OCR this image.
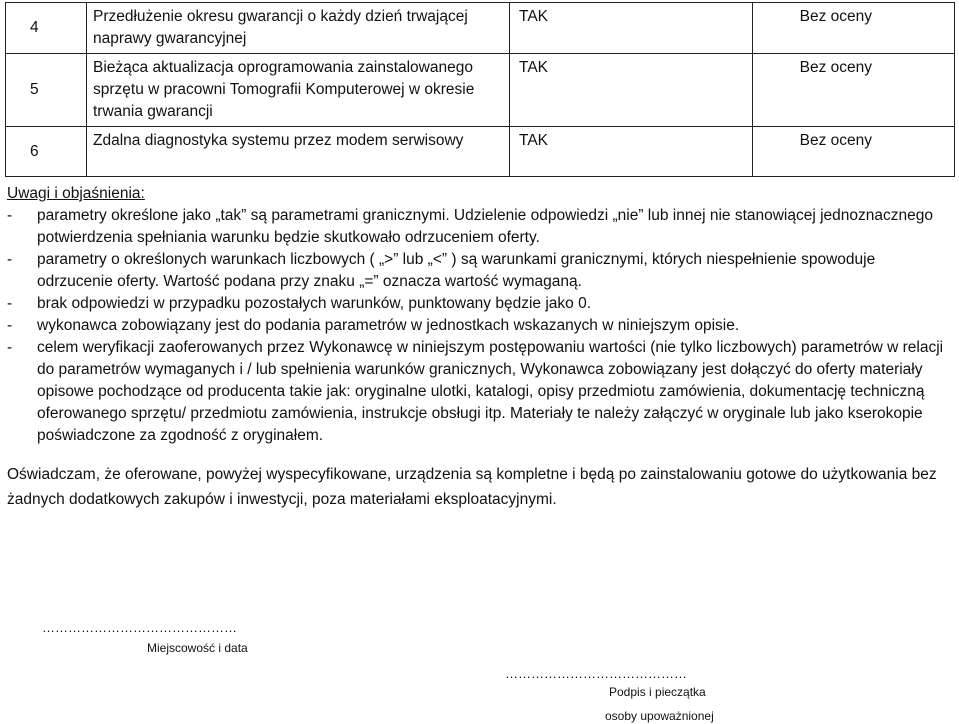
4	Przedłużenie okresu gwarancji o każdy dzień trwającej naprawy gwarancyjnej	TAK	Bez oceny

5	Bieżąca aktualizacja oprogramowania zainstalowanego sprzętu w pracowni Tomografii Komputerowej w okresie trwania gwarancji	TAK	Bez oceny

6	Zdalna diagnostyka systemu przez modem serwisowy	TAK	Bez oceny
Uwagi i objaśnienia:
- parametry określone jako „tak” są parametrami granicznymi. Udzielenie odpowiedzi „nie” lub innej nie stanowiącej jednoznacznego potwierdzenia spełniania warunku będzie skutkowało odrzuceniem oferty.
- parametry o określonych warunkach liczbowych ( „>” lub „<” ) są warunkami granicznymi, których niespełnienie spowoduje odrzucenie oferty. Wartość podana przy znaku „=” oznacza wartość wymaganą.
- brak odpowiedzi w przypadku pozostałych warunków, punktowany będzie jako 0.
- wykonawca zobowiązany jest do podania parametrów w jednostkach wskazanych w niniejszym opisie.
- celem weryfikacji zaoferowanych przez Wykonawcę w niniejszym postępowaniu wartości (nie tylko liczbowych) parametrów w relacji do parametrów wymaganych i / lub spełnienia warunków granicznych, Wykonawca zobowiązany jest dołączyć do oferty materiały opisowe pochodzące od producenta takie jak: oryginalne ulotki, katalogi, opisy przedmiotu zamówienia, dokumentację techniczną oferowanego sprzętu/ przedmiotu zamówienia, instrukcje obsługi itp. Materiały te należy załączyć w oryginale lub jako kserokopie poświadczone za zgodność z oryginałem.
Oświadczam, że oferowane, powyżej wyspecyfikowane, urządzenia są kompletne i będą po zainstalowaniu gotowe do użytkowania bez żadnych dodatkowych zakupów i inwestycji, poza materiałami eksploatacyjnymi.
………………………………………
Miejscowość i data
……………………………………
Podpis i pieczątka
osoby upoważnionej
